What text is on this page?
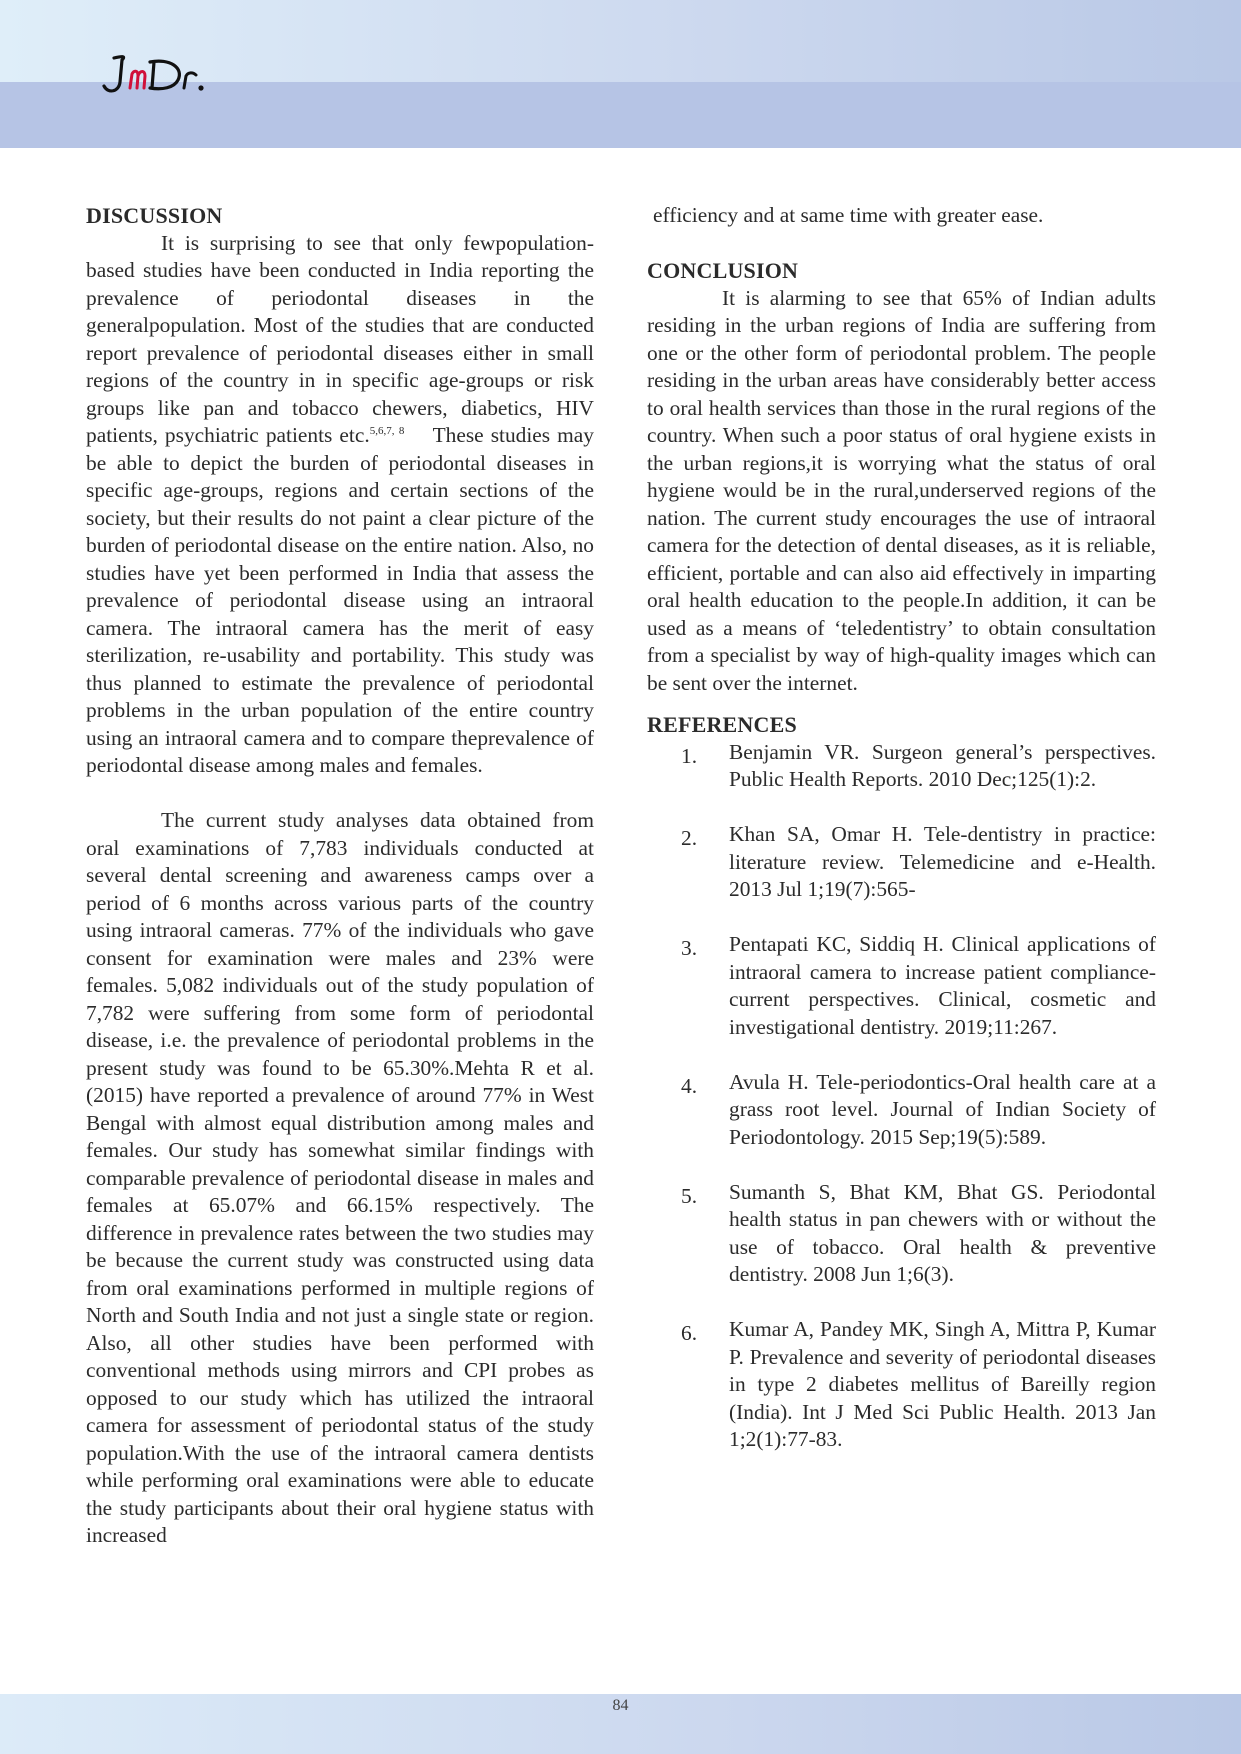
DISCUSSION

It is surprising to see that only fewpopulation-based studies have been conducted in India reporting the prevalence of periodontal diseases in the generalpopulation. Most of the studies that are conducted report prevalence of periodontal diseases either in small regions of the country in in specific age-groups or risk groups like pan and tobacco chewers, diabetics, HIV patients, psychiatric patients etc.$^{5,6,7, 8}$ These studies may be able to depict the burden of periodontal diseases in specific age-groups, regions and certain sections of the society, but their results do not paint a clear picture of the burden of periodontal disease on the entire nation. Also, no studies have yet been performed in India that assess the prevalence of periodontal disease using an intraoral camera. The intraoral camera has the merit of easy sterilization, re-usability and portability. This study was thus planned to estimate the prevalence of periodontal problems in the urban population of the entire country using an intraoral camera and to compare theprevalence of periodontal disease among males and females.

The current study analyses data obtained from oral examinations of 7,783 individuals conducted at several dental screening and awareness camps over a period of 6 months across various parts of the country using intraoral cameras. 77% of the individuals who gave consent for examination were males and 23% were females. 5,082 individuals out of the study population of 7,782 were suffering from some form of periodontal disease, i.e. the prevalence of periodontal problems in the present study was found to be 65.30%.Mehta R et al. (2015) have reported a prevalence of around 77% in West Bengal with almost equal distribution among males and females. Our study has somewhat similar findings with comparable prevalence of periodontal disease in males and females at 65.07% and 66.15% respectively. The difference in prevalence rates between the two studies may be because the current study was constructed using data from oral examinations performed in multiple regions of North and South India and not just a single state or region. Also, all other studies have been performed with conventional methods using mirrors and CPI probes as opposed to our study which has utilized the intraoral camera for assessment of periodontal status of the study population.With the use of the intraoral camera dentists while performing oral examinations were able to educate the study participants about their oral hygiene status with increased

efficiency and at same time with greater ease.

CONCLUSION

It is alarming to see that 65% of Indian adults residing in the urban regions of India are suffering from one or the other form of periodontal problem. The people residing in the urban areas have considerably better access to oral health services than those in the rural regions of the country. When such a poor status of oral hygiene exists in the urban regions,it is worrying what the status of oral hygiene would be in the rural,underserved regions of the nation. The current study encourages the use of intraoral camera for the detection of dental diseases, as it is reliable, efficient, portable and can also aid effectively in imparting oral health education to the people.In addition, it can be used as a means of ‘teledentistry’ to obtain consultation from a specialist by way of high-quality images which can be sent over the internet.

REFERENCES

1.	Benjamin VR. Surgeon general’s perspectives. Public Health Reports. 2010 Dec;125(1):2.
2.	Khan SA, Omar H. Tele-dentistry in practice: literature review. Telemedicine and e-Health. 2013 Jul 1;19(7):565-
3.	Pentapati KC, Siddiq H. Clinical applications of intraoral camera to increase patient compliance-current perspectives. Clinical, cosmetic and investigational dentistry. 2019;11:267.
4.	Avula H. Tele-periodontics-Oral health care at a grass root level. Journal of Indian Society of Periodontology. 2015 Sep;19(5):589.
5.	Sumanth S, Bhat KM, Bhat GS. Periodontal health status in pan chewers with or without the use of tobacco. Oral health & preventive dentistry. 2008 Jun 1;6(3).
6.	Kumar A, Pandey MK, Singh A, Mittra P, Kumar P. Prevalence and severity of periodontal diseases in type 2 diabetes mellitus of Bareilly region (India). Int J Med Sci Public Health. 2013 Jan 1;2(1):77-83.
84
